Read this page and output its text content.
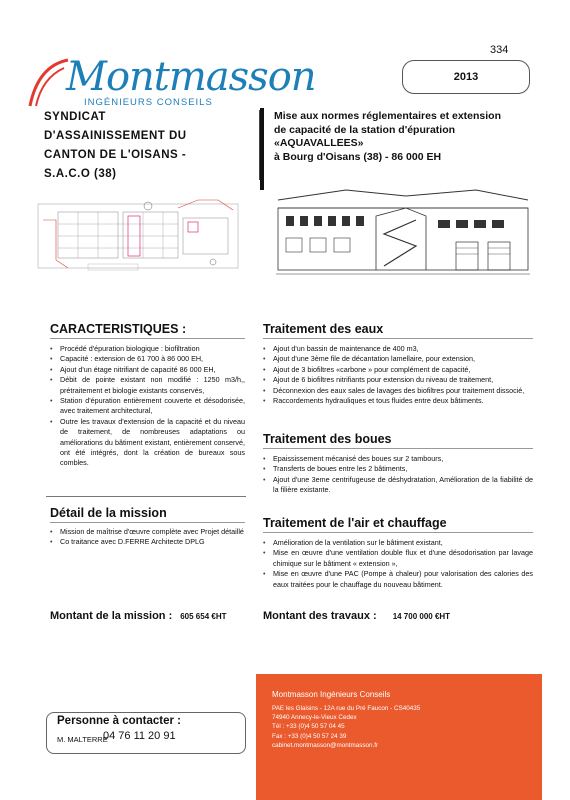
334
2013
Montmasson
INGÉNIEURS CONSEILS
SYNDICAT
D'ASSAINISSEMENT DU
CANTON DE L'OISANS -
S.A.C.O (38)
Mise aux normes réglementaires et extension
de capacité de la station d'épuration «AQUAVALLEES»
à Bourg d'Oisans (38) - 86 000 EH
CARACTERISTIQUES :
• Procédé d'épuration biologique : biofiltration
• Capacité : extension de 61 700 à 86 000 EH,
• Ajout d'un étage nitrifiant de capacité 86 000 EH,
• Débit de pointe existant non modifié : 1250 m3/h,, prétraitement et biologie existants conservés,
• Station d'épuration entièrement couverte et désodorisée, avec traitement architectural,
• Outre les travaux d'extension de la capacité et du niveau de traitement, de nombreuses adaptations ou améliorations du bâtiment existant, entièrement conservé, ont été intégrés, dont la création de bureaux sous combles.
Détail de la mission
• Mission de maîtrise d'œuvre complète avec Projet détaillé
• Co traitance avec D.FERRE Architecte DPLG
Traitement des eaux
• Ajout d'un bassin de maintenance de 400 m3,
• Ajout d'une 3ème file de décantation lamellaire, pour extension,
• Ajout de 3 biofiltres «carbone » pour complément de capacité,
• Ajout de 6 biofiltres nitrifiants pour extension du niveau de traitement,
• Déconnexion des eaux sales de lavages des biofiltres pour traitement dissocié,
• Raccordements hydrauliques et tous fluides entre deux bâtiments.
Traitement des boues
• Epaississement mécanisé des boues sur 2 tambours,
• Transferts de boues entre les 2 bâtiments,
• Ajout d'une 3eme centrifugeuse de déshydratation, Amélioration de la fiabilité de la filière existante.
Traitement de l'air et chauffage
• Amélioration de la ventilation sur le bâtiment existant,
• Mise en œuvre d'une ventilation double flux et d'une désodorisation par lavage chimique sur le bâtiment « extension »,
• Mise en œuvre d'une PAC (Pompe à chaleur) pour valorisation des calories des eaux traitées pour le chauffage du nouveau bâtiment.
Montant de la mission : 605 654 €HT	Montant des travaux : 14 700 000 €HT
Personne à contacter :
M. MALTERRE
04 76 11 20 91
Montmasson Ingénieurs Conseils
PAE les Glaisins - 12A rue du Pré Faucon - CS40435
74940 Annecy-le-Vieux Cedex
Tél : +33 (0)4 50 57 04 45
Fax : +33 (0)4 50 57 24 39
cabinet.montmasson@montmasson.fr
